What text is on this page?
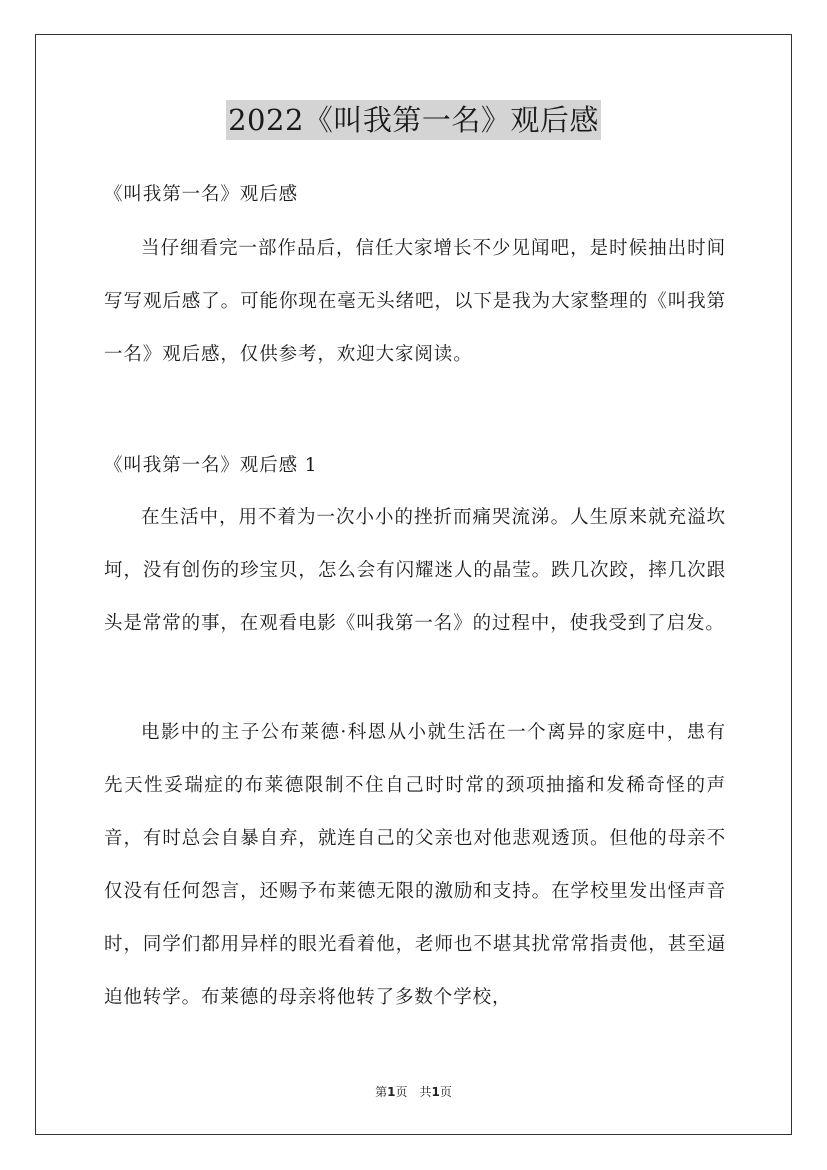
2022《叫我第一名》观后感
《叫我第一名》观后感

当仔细看完一部作品后，信任大家增长不少见闻吧，是时候抽出时间写写观后感了。可能你现在毫无头绪吧，以下是我为大家整理的《叫我第一名》观后感，仅供参考，欢迎大家阅读。

《叫我第一名》观后感 1

在生活中，用不着为一次小小的挫折而痛哭流涕。人生原来就充溢坎坷，没有创伤的珍宝贝，怎么会有闪耀迷人的晶莹。跌几次跤，摔几次跟头是常常的事，在观看电影《叫我第一名》的过程中，使我受到了启发。

电影中的主子公布莱德·科恩从小就生活在一个离异的家庭中，患有先天性妥瑞症的布莱德限制不住自己时时常的颈项抽搐和发稀奇怪的声音，有时总会自暴自弃，就连自己的父亲也对他悲观透顶。但他的母亲不仅没有任何怨言，还赐予布莱德无限的激励和支持。在学校里发出怪声音时，同学们都用异样的眼光看着他，老师也不堪其扰常常指责他，甚至逼迫他转学。布莱德的母亲将他转了多数个学校，

第1页　共1页
